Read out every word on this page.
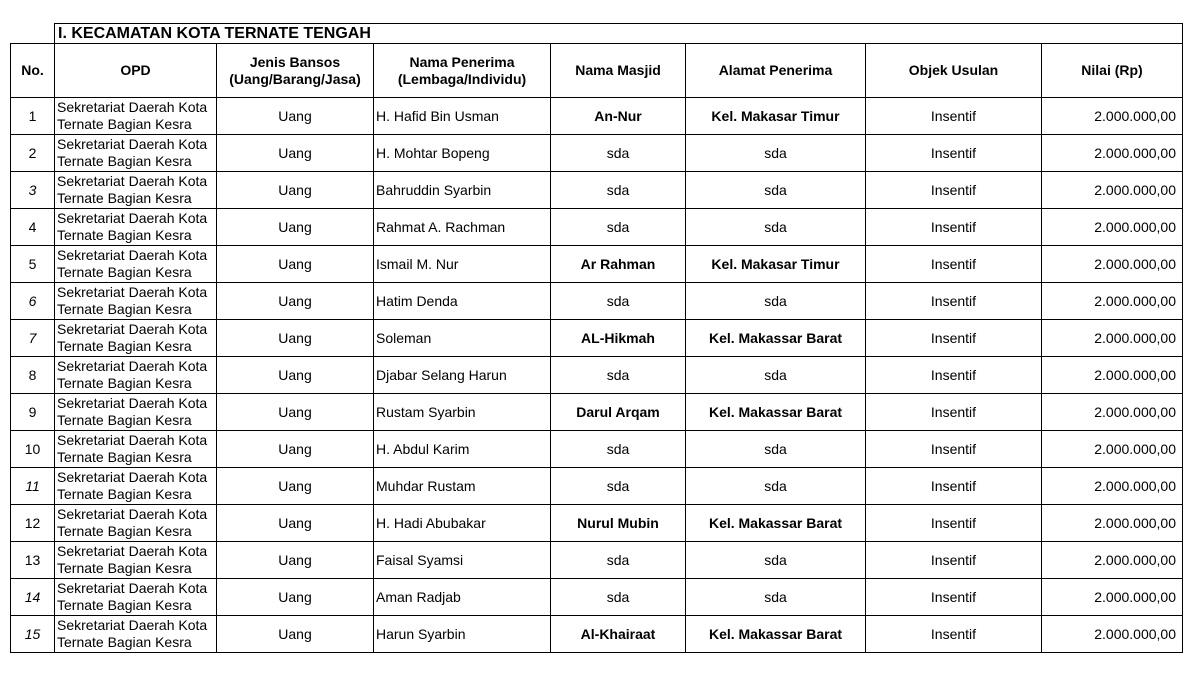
	I. KECAMATAN KOTA TERNATE TENGAH						
No.	OPD	Jenis Bansos
(Uang/Barang/Jasa)	Nama Penerima
(Lembaga/Individu)	Nama Masjid	Alamat Penerima	Objek Usulan	Nilai (Rp)
1	Sekretariat Daerah Kota
Ternate Bagian Kesra	Uang	H. Hafid Bin Usman	An-Nur	Kel. Makasar Timur	Insentif	2.000.000,00
2	Sekretariat Daerah Kota
Ternate Bagian Kesra	Uang	H. Mohtar Bopeng	sda	sda	Insentif	2.000.000,00
3	Sekretariat Daerah Kota
Ternate Bagian Kesra	Uang	Bahruddin Syarbin	sda	sda	Insentif	2.000.000,00
4	Sekretariat Daerah Kota
Ternate Bagian Kesra	Uang	Rahmat A. Rachman	sda	sda	Insentif	2.000.000,00
5	Sekretariat Daerah Kota
Ternate Bagian Kesra	Uang	Ismail M. Nur	Ar Rahman	Kel. Makasar Timur	Insentif	2.000.000,00
6	Sekretariat Daerah Kota
Ternate Bagian Kesra	Uang	Hatim Denda	sda	sda	Insentif	2.000.000,00
7	Sekretariat Daerah Kota
Ternate Bagian Kesra	Uang	Soleman	AL-Hikmah	Kel. Makassar Barat	Insentif	2.000.000,00
8	Sekretariat Daerah Kota
Ternate Bagian Kesra	Uang	Djabar Selang Harun	sda	sda	Insentif	2.000.000,00
9	Sekretariat Daerah Kota
Ternate Bagian Kesra	Uang	Rustam Syarbin	Darul Arqam	Kel. Makassar Barat	Insentif	2.000.000,00
10	Sekretariat Daerah Kota
Ternate Bagian Kesra	Uang	H. Abdul Karim	sda	sda	Insentif	2.000.000,00
11	Sekretariat Daerah Kota
Ternate Bagian Kesra	Uang	Muhdar Rustam	sda	sda	Insentif	2.000.000,00
12	Sekretariat Daerah Kota
Ternate Bagian Kesra	Uang	H. Hadi Abubakar	Nurul Mubin	Kel. Makassar Barat	Insentif	2.000.000,00
13	Sekretariat Daerah Kota
Ternate Bagian Kesra	Uang	Faisal Syamsi	sda	sda	Insentif	2.000.000,00
14	Sekretariat Daerah Kota
Ternate Bagian Kesra	Uang	Aman Radjab	sda	sda	Insentif	2.000.000,00
15	Sekretariat Daerah Kota
Ternate Bagian Kesra	Uang	Harun Syarbin	Al-Khairaat	Kel. Makassar Barat	Insentif	2.000.000,00
